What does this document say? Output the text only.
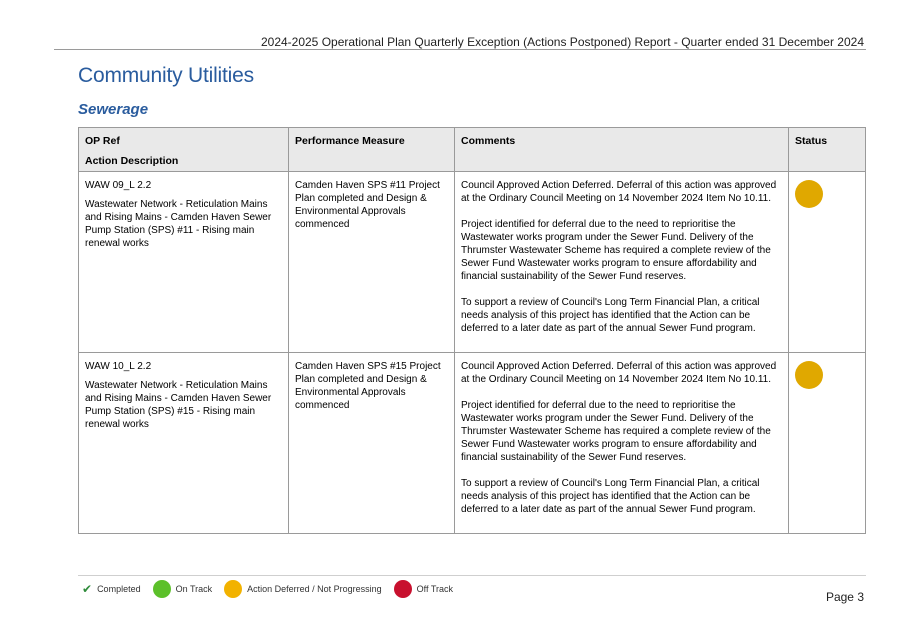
2024-2025 Operational Plan Quarterly Exception (Actions Postponed) Report - Quarter ended 31 December 2024
Community Utilities
Sewerage
OP Ref
Action Description	Performance Measure	Comments	Status

WAW 09_L 2.2
Wastewater Network - Reticulation Mains and Rising Mains - Camden Haven Sewer Pump Station (SPS) #11 - Rising main renewal works	Camden Haven SPS #11 Project Plan completed and Design & Environmental Approvals commenced	Council Approved Action Deferred. Deferral of this action was approved at the Ordinary Council Meeting on 14 November 2024 Item No 10.11.
Project identified for deferral due to the need to reprioritise the Wastewater works program under the Sewer Fund. Delivery of the Thrumster Wastewater Scheme has required a complete review of the Sewer Fund Wastewater works program to ensure affordability and financial sustainability of the Sewer Fund reserves.
To support a review of Council's Long Term Financial Plan, a critical needs analysis of this project has identified that the Action can be deferred to a later date as part of the annual Sewer Fund program.	

WAW 10_L 2.2
Wastewater Network - Reticulation Mains and Rising Mains - Camden Haven Sewer Pump Station (SPS) #15 - Rising main renewal works	Camden Haven SPS #15 Project Plan completed and Design & Environmental Approvals commenced	Council Approved Action Deferred. Deferral of this action was approved at the Ordinary Council Meeting on 14 November 2024 Item No 10.11.
Project identified for deferral due to the need to reprioritise the Wastewater works program under the Sewer Fund. Delivery of the Thrumster Wastewater Scheme has required a complete review of the Sewer Fund Wastewater works program to ensure affordability and financial sustainability of the Sewer Fund reserves.
To support a review of Council's Long Term Financial Plan, a critical needs analysis of this project has identified that the Action can be deferred to a later date as part of the annual Sewer Fund program.	

✔ Completed	On Track	Action Deferred / Not Progressing	Off Track
Page 3
